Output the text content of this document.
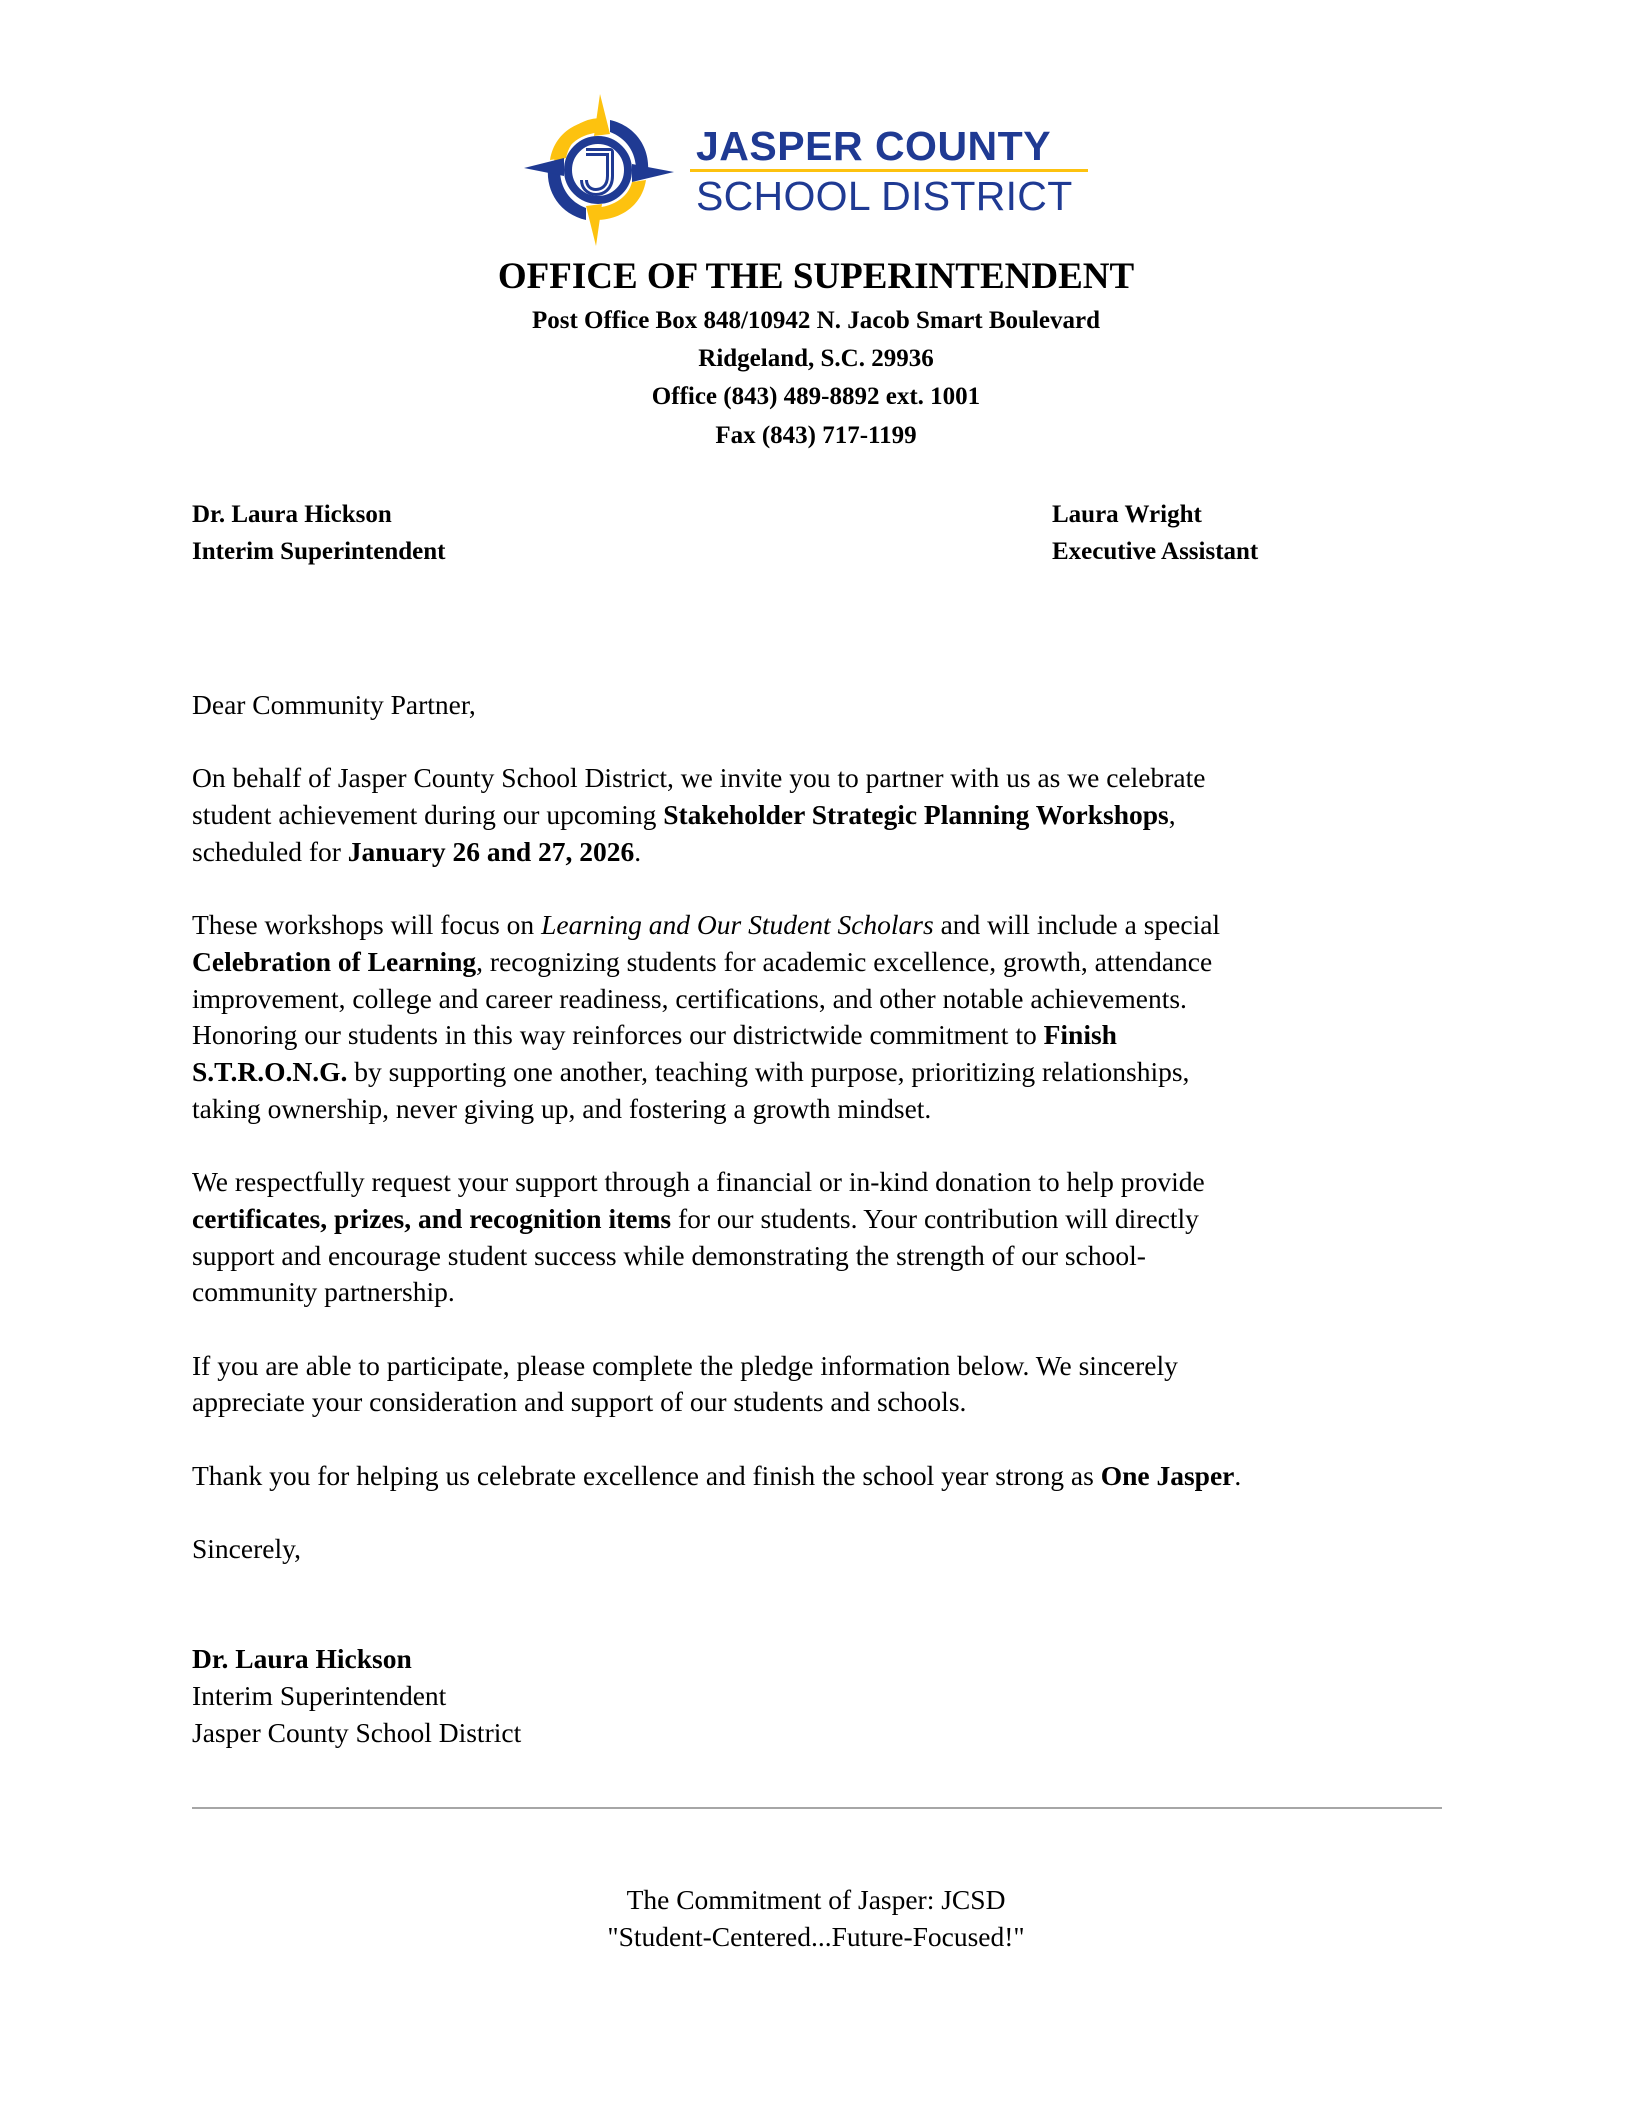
JASPER COUNTY
SCHOOL DISTRICT
OFFICE OF THE SUPERINTENDENT
Post Office Box 848/10942 N. Jacob Smart Boulevard
Ridgeland, S.C. 29936
Office (843) 489-8892 ext. 1001
Fax (843) 717-1199
Dr. Laura Hickson
Interim Superintendent
Laura Wright
Executive Assistant

Dear Community Partner,

On behalf of Jasper County School District, we invite you to partner with us as we celebrate
student achievement during our upcoming Stakeholder Strategic Planning Workshops,
scheduled for January 26 and 27, 2026.

These workshops will focus on Learning and Our Student Scholars and will include a special
Celebration of Learning, recognizing students for academic excellence, growth, attendance
improvement, college and career readiness, certifications, and other notable achievements.
Honoring our students in this way reinforces our districtwide commitment to Finish
S.T.R.O.N.G. by supporting one another, teaching with purpose, prioritizing relationships,
taking ownership, never giving up, and fostering a growth mindset.

We respectfully request your support through a financial or in-kind donation to help provide
certificates, prizes, and recognition items for our students. Your contribution will directly
support and encourage student success while demonstrating the strength of our school-
community partnership.

If you are able to participate, please complete the pledge information below. We sincerely
appreciate your consideration and support of our students and schools.

Thank you for helping us celebrate excellence and finish the school year strong as One Jasper.

Sincerely,

Dr. Laura Hickson
Interim Superintendent
Jasper County School District

The Commitment of Jasper: JCSD
"Student-Centered...Future-Focused!"
